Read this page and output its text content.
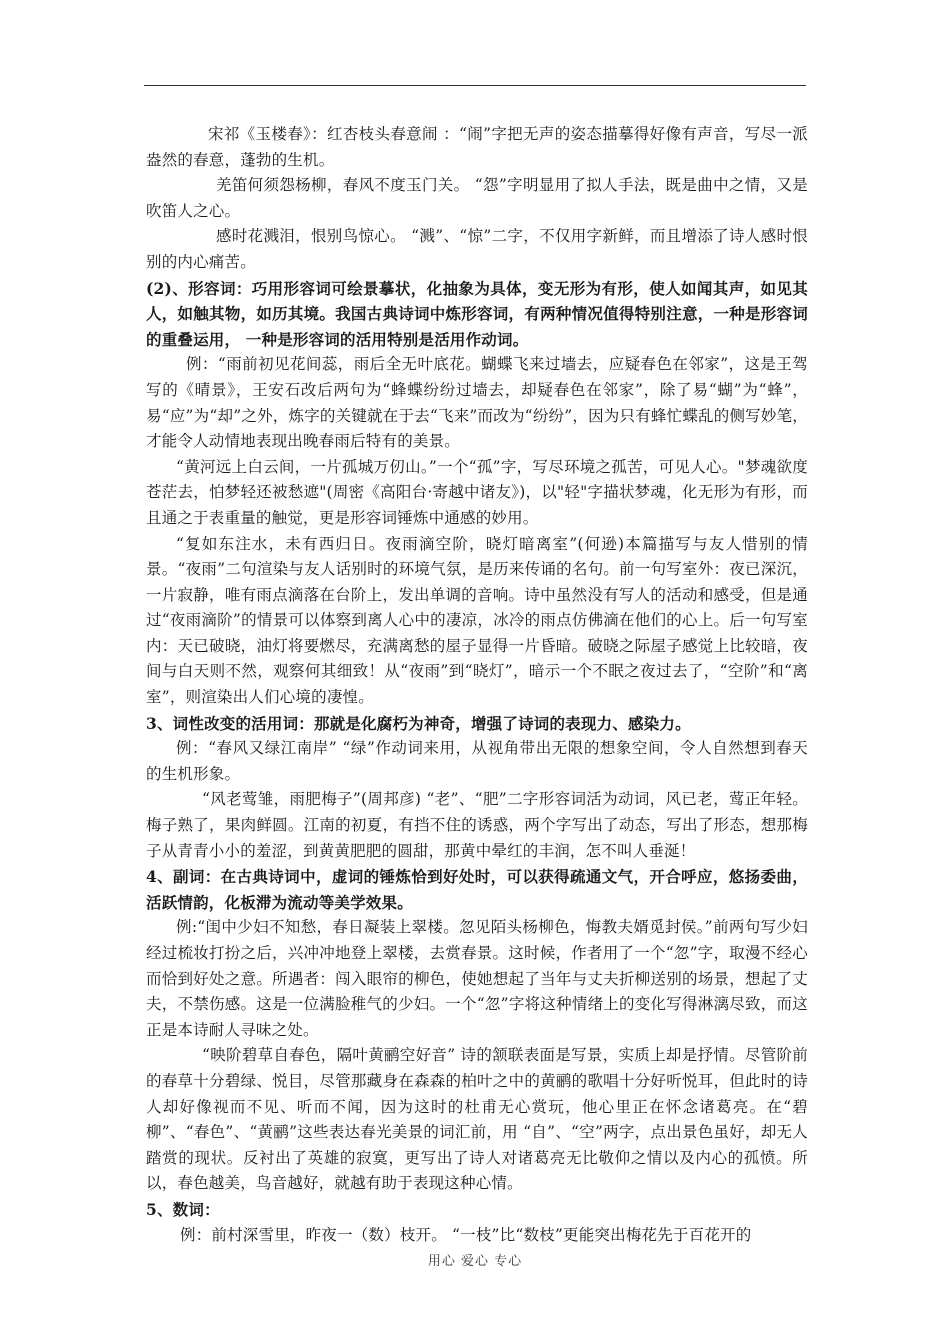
宋祁《玉楼春》：红杏枝头春意闹 ：“闹”字把无声的姿态描摹得好像有声音，写尽一派盎然的春意，蓬勃的生机。

羌笛何须怨杨柳，春风不度玉门关。 “怨”字明显用了拟人手法，既是曲中之情，又是吹笛人之心。

感时花溅泪，恨别鸟惊心。 “溅”、“惊”二字，不仅用字新鲜，而且增添了诗人感时恨别的内心痛苦。

(2)、形容词：巧用形容词可绘景摹状，化抽象为具体，变无形为有形，使人如闻其声，如见其人，如触其物，如历其境。我国古典诗词中炼形容词，有两种情况值得特别注意，一种是形容词的重叠运用， 一种是形容词的活用特别是活用作动词。

例：“雨前初见花间蕊，雨后全无叶底花。蝴蝶飞来过墙去，应疑春色在邻家”，这是王驾写的《晴景》，王安石改后两句为“蜂蝶纷纷过墙去，却疑春色在邻家”，除了易“蝴”为“蜂”，易“应”为“却”之外，炼字的关键就在于去“飞来”而改为“纷纷”，因为只有蜂忙蝶乱的侧写妙笔，才能令人动情地表现出晚春雨后特有的美景。

“黄河远上白云间，一片孤城万仞山。”一个“孤”字，写尽环境之孤苦，可见人心。"梦魂欲度苍茫去，怕梦轻还被愁遮"(周密《高阳台·寄越中诸友》)，以"轻"字描状梦魂，化无形为有形，而且通之于表重量的触觉，更是形容词锤炼中通感的妙用。

“复如东注水，未有西归日。夜雨滴空阶，晓灯暗离室”(何逊)本篇描写与友人惜别的情景。“夜雨”二句渲染与友人话别时的环境气氛，是历来传诵的名句。前一句写室外：夜已深沉，一片寂静，唯有雨点滴落在台阶上，发出单调的音响。诗中虽然没有写人的活动和感受，但是通过“夜雨滴阶”的情景可以体察到离人心中的凄凉，冰冷的雨点仿佛滴在他们的心上。后一句写室内：天已破晓，油灯将要燃尽，充满离愁的屋子显得一片昏暗。破晓之际屋子感觉上比较暗，夜间与白天则不然，观察何其细致！从“夜雨”到“晓灯”，暗示一个不眠之夜过去了，“空阶”和“离室”，则渲染出人们心境的凄惶。

3、词性改变的活用词：那就是化腐朽为神奇，增强了诗词的表现力、感染力。

例：“春风又绿江南岸” “绿”作动词来用，从视角带出无限的想象空间，令人自然想到春天的生机形象。

“风老莺雏，雨肥梅子”(周邦彦) “老”、“肥”二字形容词活为动词，风已老，莺正年轻。梅子熟了，果肉鲜圆。江南的初夏，有挡不住的诱惑，两个字写出了动态，写出了形态，想那梅子从青青小小的羞涩，到黄黄肥肥的圆甜，那黄中晕红的丰润，怎不叫人垂涎！

4、副词：在古典诗词中，虚词的锤炼恰到好处时，可以获得疏通文气，开合呼应，悠扬委曲，活跃情韵，化板滞为流动等美学效果。

例:“闺中少妇不知愁，春日凝装上翠楼。忽见陌头杨柳色，悔教夫婿觅封侯。”前两句写少妇经过梳妆打扮之后，兴冲冲地登上翠楼，去赏春景。这时候，作者用了一个“忽”字，取漫不经心而恰到好处之意。所遇者：闯入眼帘的柳色，使她想起了当年与丈夫折柳送别的场景，想起了丈夫，不禁伤感。这是一位满脸稚气的少妇。一个“忽”字将这种情绪上的变化写得淋漓尽致，而这正是本诗耐人寻味之处。

“映阶碧草自春色，隔叶黄鹂空好音” 诗的颔联表面是写景，实质上却是抒情。尽管阶前的春草十分碧绿、悦目，尽管那藏身在森森的柏叶之中的黄鹂的歌唱十分好听悦耳，但此时的诗人却好像视而不见、听而不闻，因为这时的杜甫无心赏玩，他心里正在怀念诸葛亮。在“碧柳”、“春色”、“黄鹂”这些表达春光美景的词汇前，用 “自”、“空”两字，点出景色虽好，却无人踏赏的现状。反衬出了英雄的寂寞，更写出了诗人对诸葛亮无比敬仰之情以及内心的孤愤。所以，春色越美，鸟音越好，就越有助于表现这种心情。

5、数词：

例：前村深雪里，昨夜一（数）枝开。 “一枝”比“数枝”更能突出梅花先于百花开的

用心 爱心 专心
